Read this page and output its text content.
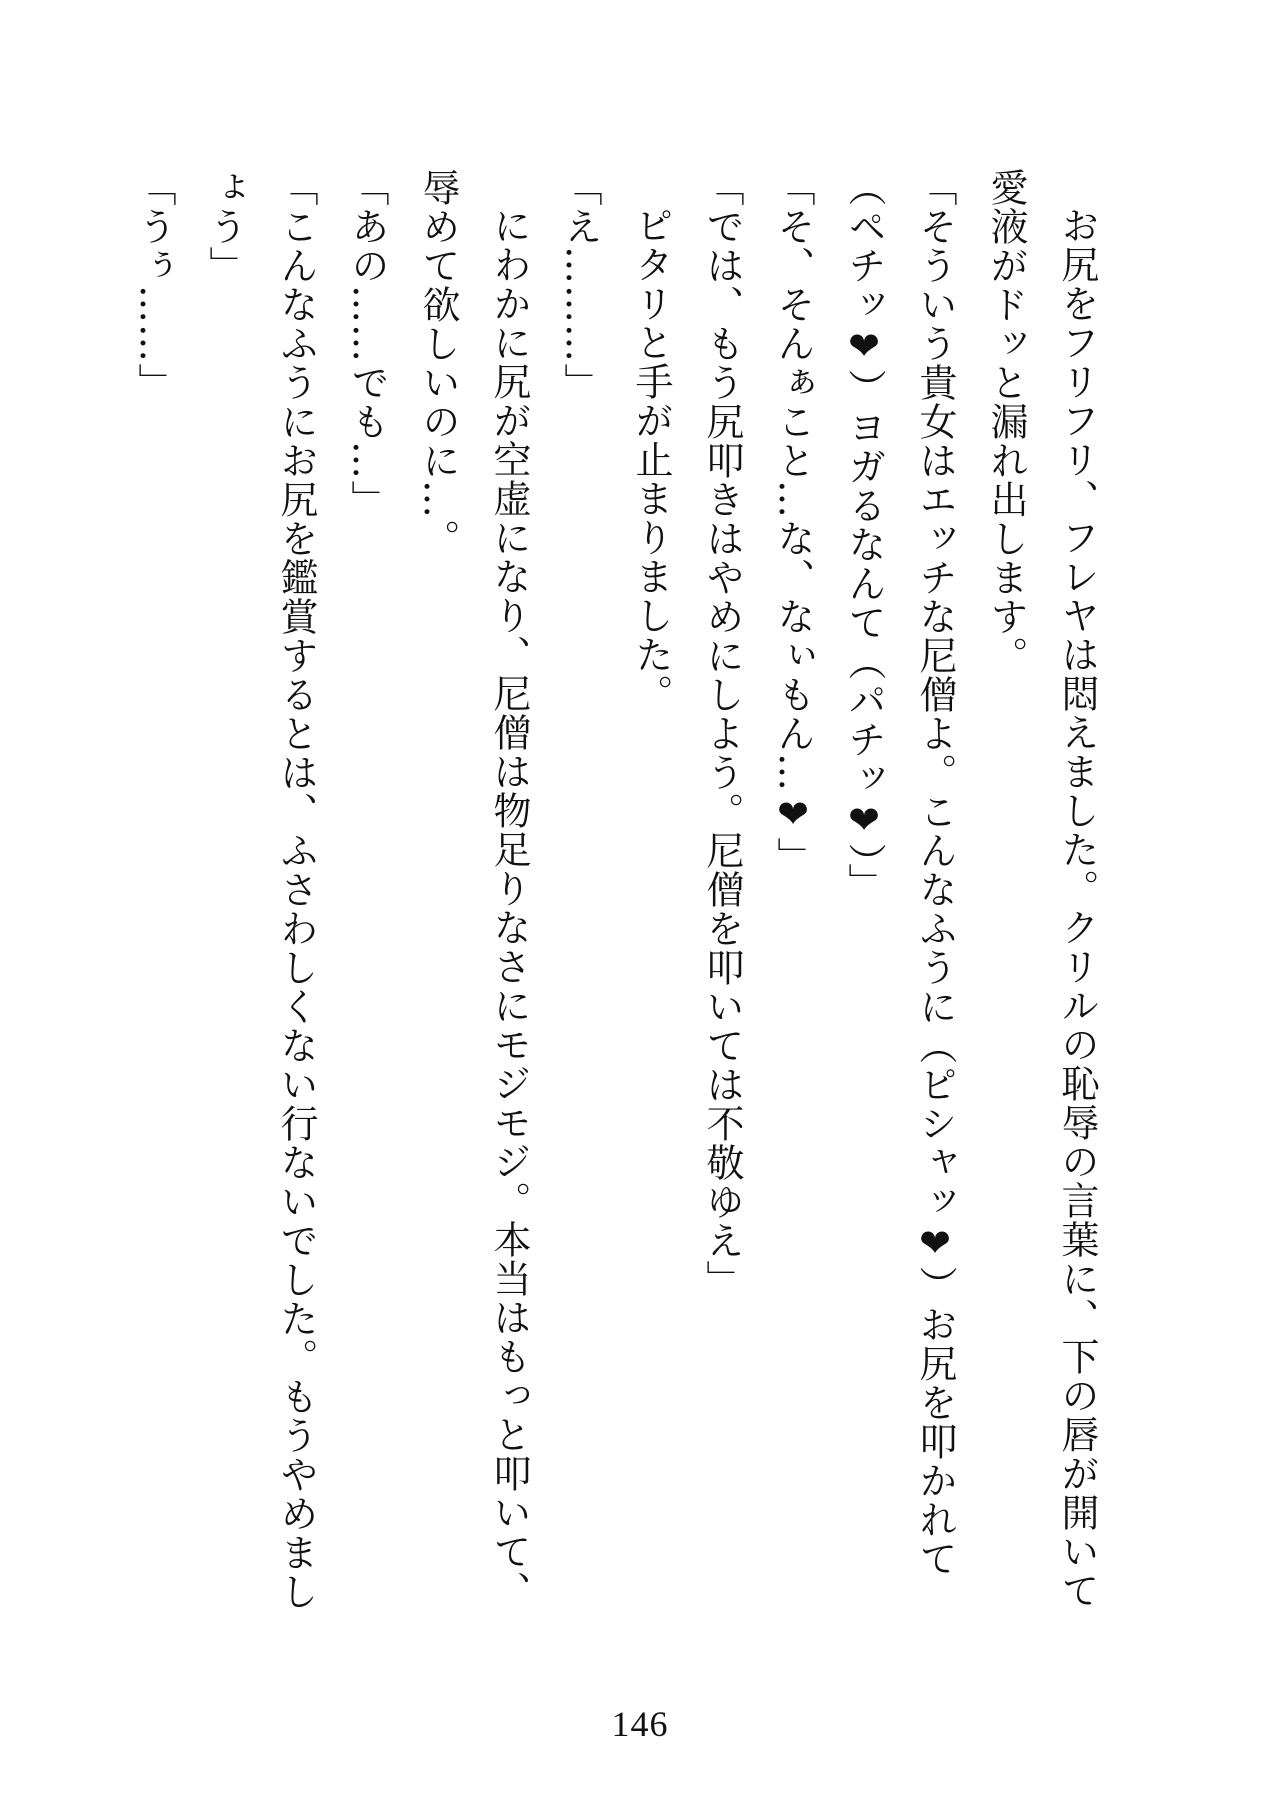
お尻をフリフリ、フレヤは悶えました。クリルの恥辱の言葉に、下の唇が開いて愛液がドッと漏れ出します。

「そういう貴女はエッチな尼僧よ。こんなふうに（ピシャッ❤）お尻を叩かれて（ペチッ❤）ヨガるなんて（パチッ❤）」

「そ、そんぁこと…な、なぃもん…❤」

「では、もう尻叩きはやめにしよう。尼僧を叩いては不敬ゆえ」

ピタリと手が止まりました。

「え………」

にわかに尻が空虚になり、尼僧は物足りなさにモジモジ。本当はもっと叩いて、辱めて欲しいのに…。

「あの……でも…」

「こんなふうにお尻を鑑賞するとは、ふさわしくない行ないでした。もうやめましょう」

「うぅ……」

146
